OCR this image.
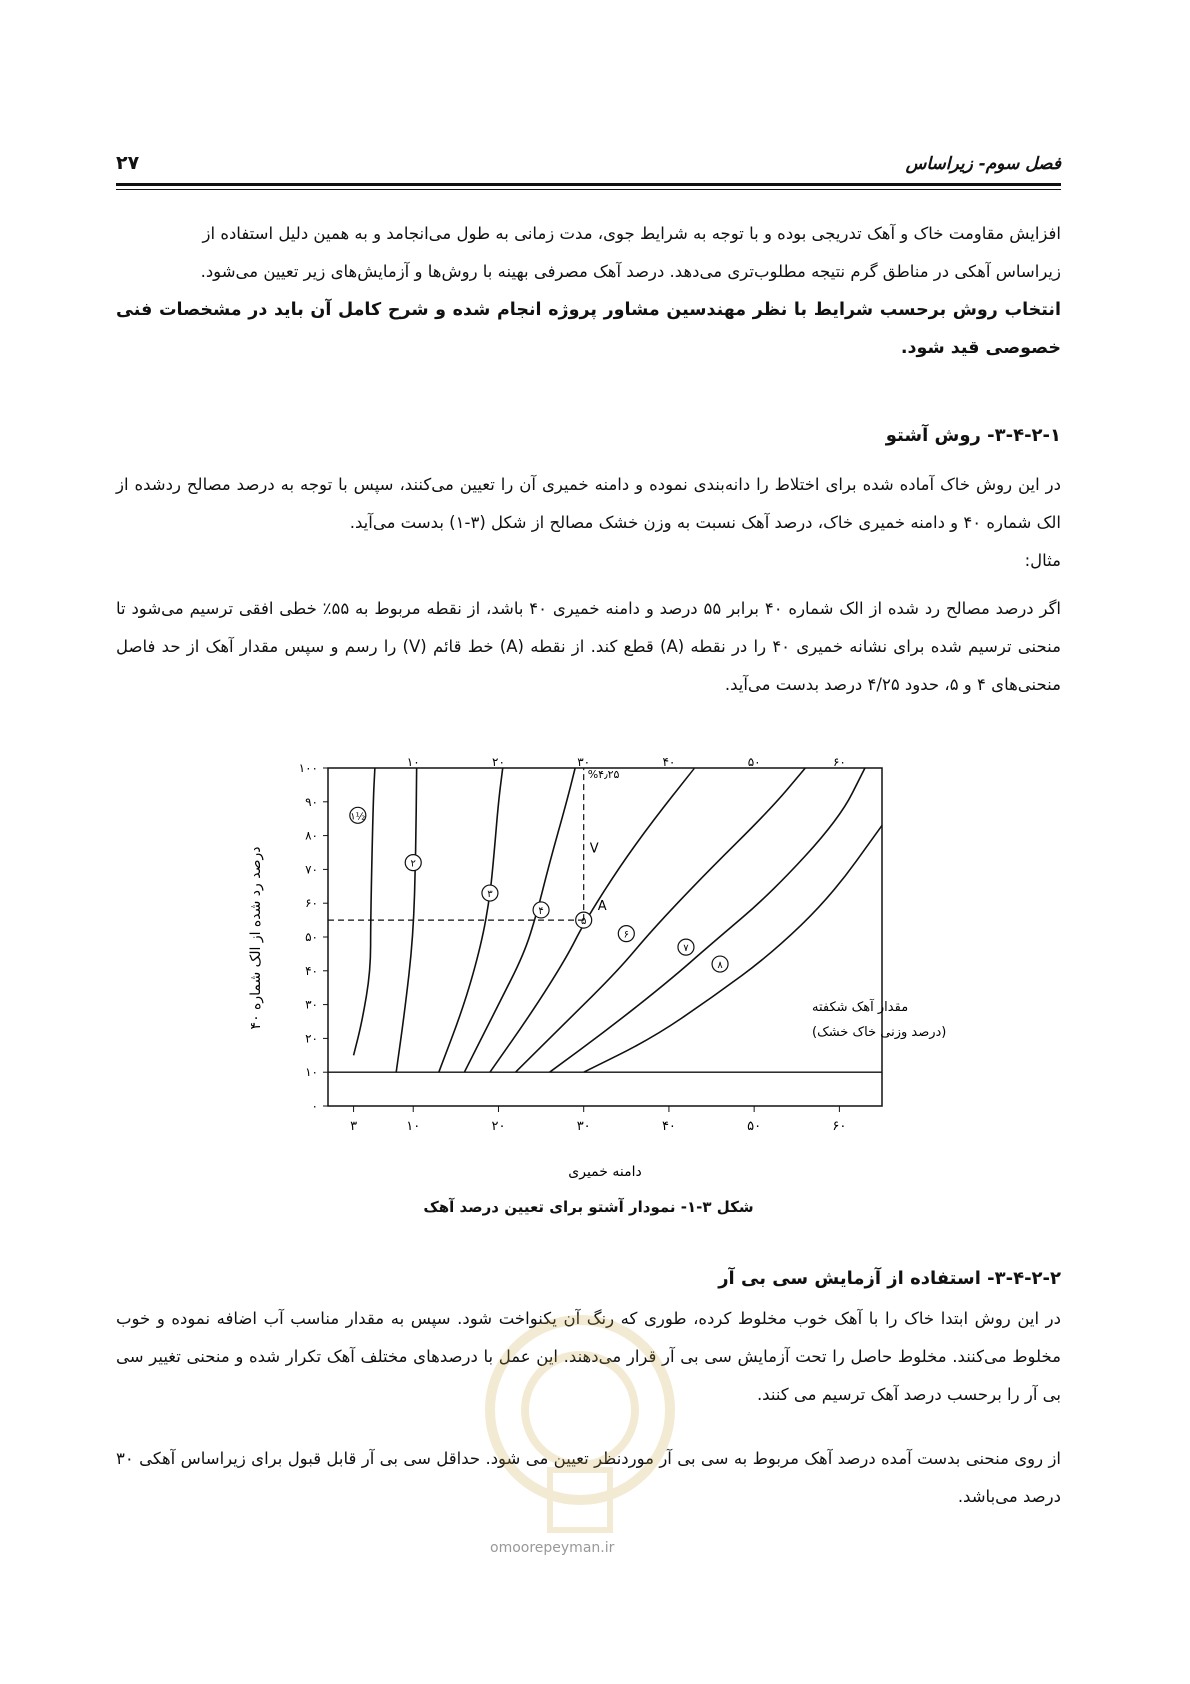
فصل سوم- زیراساس
۲۷
افزایش مقاومت خاک و آهک تدریجی بوده و با توجه به شرایط جوی، مدت زمانی به طول می‌انجامد و به همین دلیل استفاده از
زیراساس آهکی در مناطق گرم نتیجه مطلوب‌تری می‌دهد. درصد آهک مصرفی بهینه با روش‌ها و آزمایش‌های زیر تعیین می‌شود.
انتخاب روش برحسب شرایط با نظر مهندسین مشاور پروژه انجام شده و شرح کامل آن باید در مشخصات فنی خصوصی قید شود.
۳-۴-۲-۱- روش آشتو
در این روش خاک آماده شده برای اختلاط را دانه‌بندی نموده و دامنه خمیری آن را تعیین می‌کنند، سپس با توجه به درصد مصالح ردشده از الک شماره ۴۰ و دامنه خمیری خاک، درصد آهک نسبت به وزن خشک مصالح از شکل (۳-۱) بدست می‌آید.
مثال:
اگر درصد مصالح رد شده از الک شماره ۴۰ برابر ۵۵ درصد و دامنه خمیری ۴۰ باشد، از نقطه مربوط به ۵۵٪ خطی افقی ترسیم می‌شود تا منحنی ترسیم شده برای نشانه خمیری ۴۰ را در نقطه (A) قطع کند. از نقطه (A) خط قائم (V) را رسم و سپس مقدار آهک از حد فاصل منحنی‌های ۴ و ۵، حدود ۴/۲۵ درصد بدست می‌آید.
۳	۱۰	۲۰	۳۰	۴۰	۵۰	۶۰
۱۰	۲۰	۳۰	۴۰	۵۰	۶۰
۰
۱۰
۲۰
۳۰
۴۰
۵۰
۶۰
۷۰
۸۰
۹۰
۱۰۰
۱½
۲
۳
۴
۵
۶
۷
۸
A
V
%۴٫۲۵
مقدار آهک شکفته
(درصد وزنی خاک خشک)
دامنه خمیری
درصد رد شده از الک شماره ۴۰
شکل ۳-۱- نمودار آشتو برای تعیین درصد آهک
۳-۴-۲-۲- استفاده از آزمایش سی بی آر
در این روش ابتدا خاک را با آهک خوب مخلوط کرده، طوری که رنگ آن یکنواخت شود. سپس به مقدار مناسب آب اضافه نموده و خوب مخلوط می‌کنند. مخلوط حاصل را تحت آزمایش سی بی آر قرار می‌دهند. این عمل با درصدهای مختلف آهک تکرار شده و منحنی تغییر سی بی آر را برحسب درصد آهک ترسیم می کنند.
از روی منحنی بدست آمده درصد آهک مربوط به سی بی آر موردنظر تعیین می شود. حداقل سی بی آر قابل قبول برای زیراساس آهکی ۳۰ درصد می‌باشد.
omoorepeyman.ir
